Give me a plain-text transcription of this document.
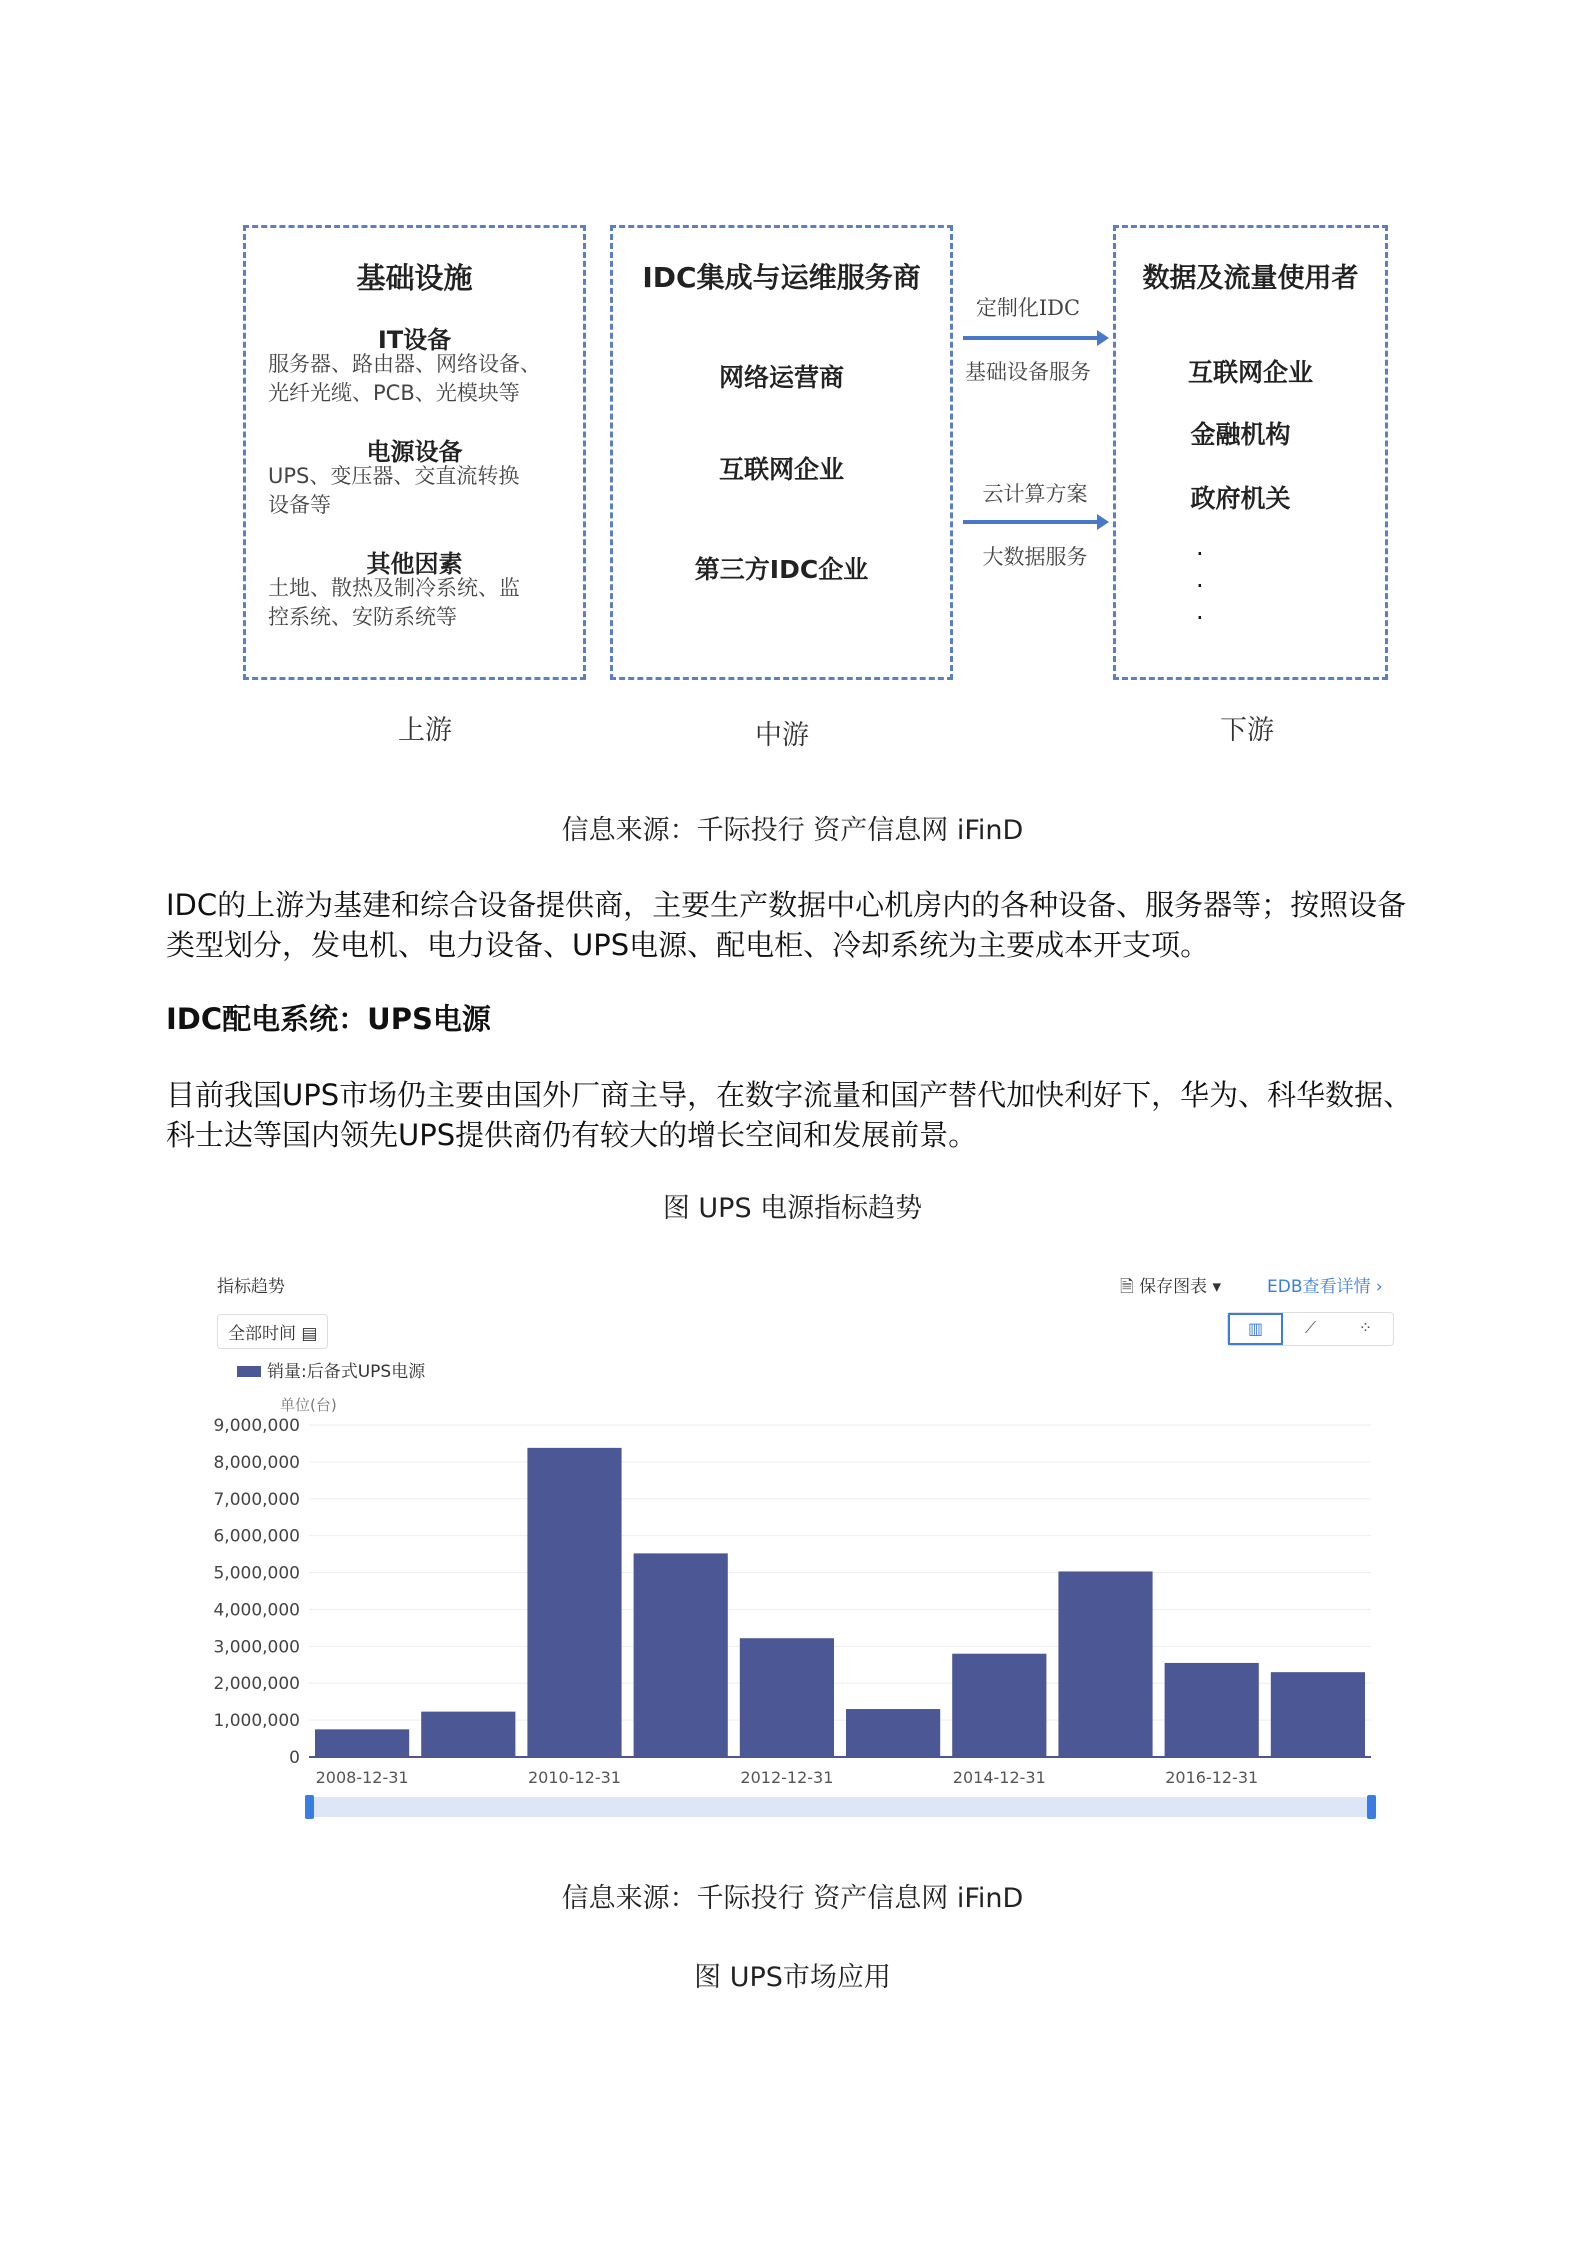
基础设施
IT设备
服务器、路由器、网络设备、
光纤光缆、PCB、光模块等
电源设备
UPS、变压器、交直流转换
设备等
其他因素
土地、散热及制冷系统、监
控系统、安防系统等
IDC集成与运维服务商
网络运营商
互联网企业
第三方IDC企业
定制化IDC
基础设备服务
云计算方案
大数据服务
数据及流量使用者
互联网企业
金融机构
政府机关
·
·
·
上游	中游	下游
信息来源：千际投行 资产信息网 iFinD
IDC的上游为基建和综合设备提供商，主要生产数据中心机房内的各种设备、服务器等；按照设备类型划分，发电机、电力设备、UPS电源、配电柜、冷却系统为主要成本开支项。
IDC配电系统：UPS电源
目前我国UPS市场仍主要由国外厂商主导，在数字流量和国产替代加快利好下，华为、科华数据、科士达等国内领先UPS提供商仍有较大的增长空间和发展前景。
图 UPS 电源指标趋势
指标趋势	🗎 保存图表 ▾	EDB查看详情 ›
全部时间 ▤	▥	⟋	⁘
销量:后备式UPS电源
单位(台)
0
1,000,000
2,000,000
3,000,000
4,000,000
5,000,000
6,000,000
7,000,000
8,000,000
9,000,000
2008-12-31	2010-12-31	2012-12-31	2014-12-31	2016-12-31
信息来源：千际投行 资产信息网 iFinD
图 UPS市场应用
